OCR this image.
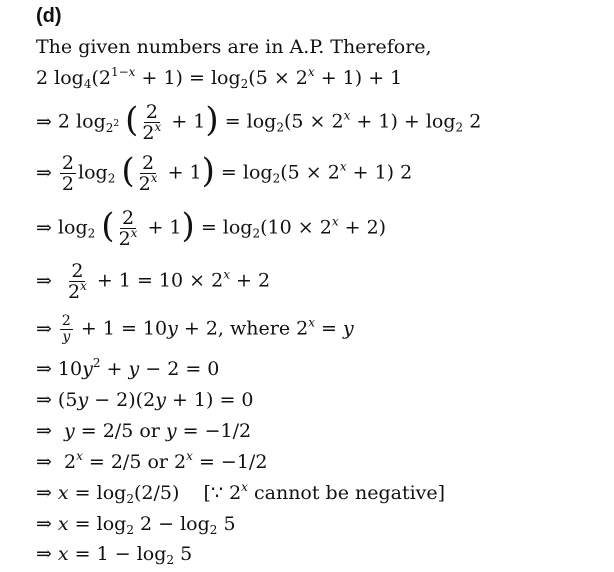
(d)
The given numbers are in A.P. Therefore,
2 $\log_4(2^{1-x} + 1) = \log_2(5 \times 2^x + 1) + 1$
⇒ 2 $\log_{2^2}$ ( $\frac{2}{2^x} + 1) = \log_2(5 \times 2^x + 1) + \log_2 2$
⇒ $\frac{2}{2} \log_2$ ( $\frac{2}{2^x} + 1) = \log_2(5 \times 2^x + 1)$ 2
⇒ $\log_2$ ( $\frac{2}{2^x} + 1) = \log_2(10 \times 2^x + 2)$
⇒ $\frac{2}{2^x} + 1 = 10 \times 2^x + 2$
⇒ $\frac{2}{y} + 1 = 10y + 2$, where $2^x = y$
⇒ $10y^2 + y - 2 = 0$
⇒ (5y − 2)(2y + 1) = 0
⇒ y = 2/5 or y = −1/2
⇒ $2^x = 2/5$ or $2^x = -1/2$
⇒ $x = \log_2(2/5)$    [∵ 2$^x$ cannot be negative]
⇒ $x = \log_2 2 - \log_2 5$
⇒ $x = 1 - \log_2 5$
